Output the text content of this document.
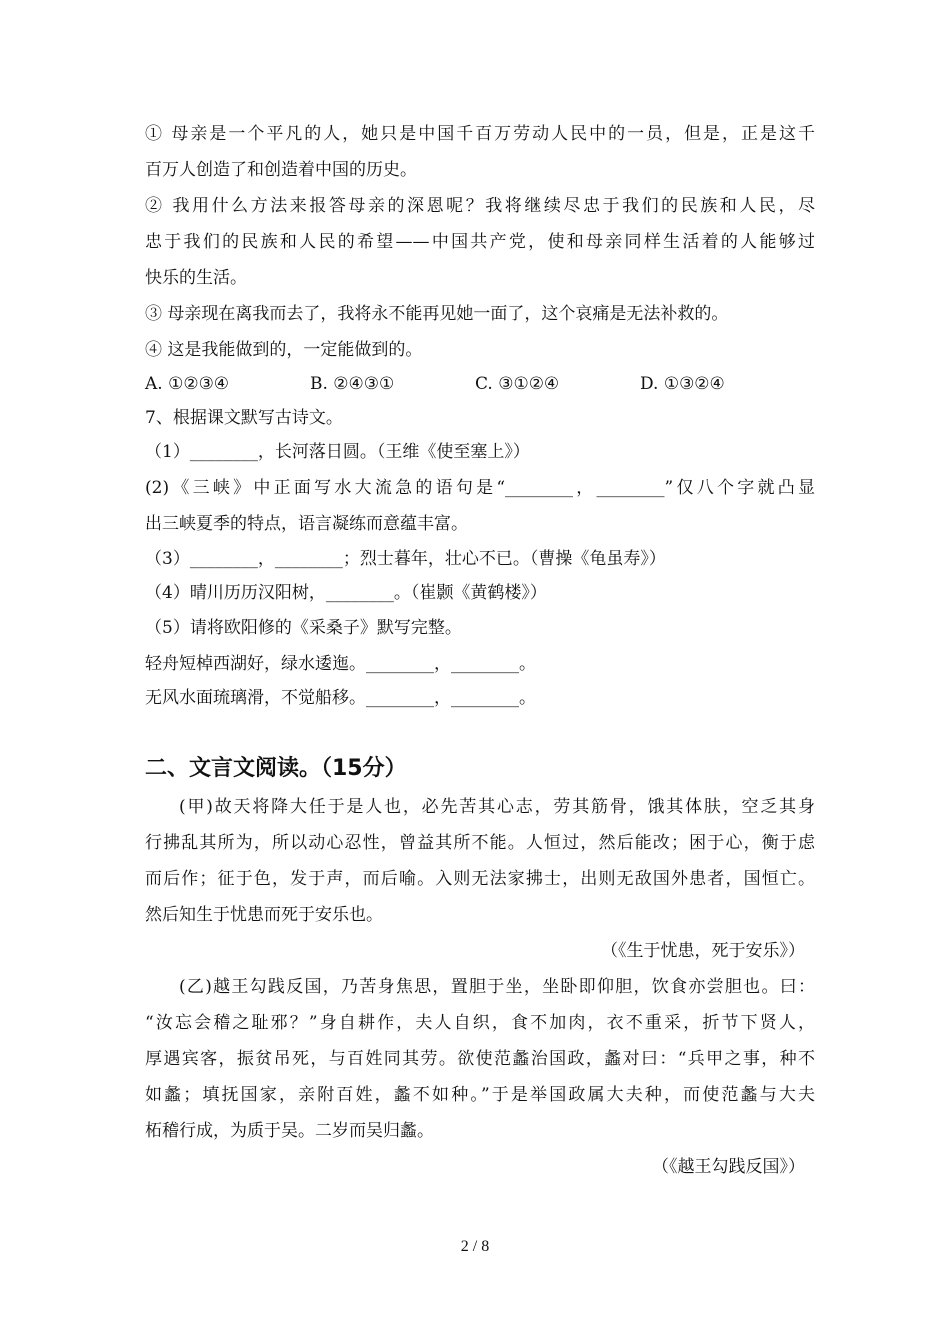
① 母亲是一个平凡的人，她只是中国千百万劳动人民中的一员，但是，正是这千
百万人创造了和创造着中国的历史。
② 我用什么方法来报答母亲的深恩呢？我将继续尽忠于我们的民族和人民，尽
忠于我们的民族和人民的希望——中国共产党，使和母亲同样生活着的人能够过
快乐的生活。
③ 母亲现在离我而去了，我将永不能再见她一面了，这个哀痛是无法补救的。
④ 这是我能做到的，一定能做到的。
A. ①②③④	B. ②④③①	C. ③①②④	D. ①③②④
7、根据课文默写古诗文。
（1）________，长河落日圆。（王维《使至塞上》）
(2)《三峡》中正面写水大流急的语句是“________，________”仅八个字就凸显
出三峡夏季的特点，语言凝练而意蕴丰富。
（3）________，________；烈士暮年，壮心不已。（曹操《龟虽寿》）
（4）晴川历历汉阳树，________。（崔颢《黄鹤楼》）
（5）请将欧阳修的《采桑子》默写完整。
轻舟短棹西湖好，绿水逶迤。________，________。
无风水面琉璃滑，不觉船移。________，________。
二、文言文阅读。（15分）
(甲)故天将降大任于是人也，必先苦其心志，劳其筋骨，饿其体肤，空乏其身
行拂乱其所为，所以动心忍性，曾益其所不能。人恒过，然后能改；困于心，衡于虑
而后作；征于色，发于声，而后喻。入则无法家拂士，出则无敌国外患者，国恒亡。
然后知生于忧患而死于安乐也。
（《生于忧患，死于安乐》）
(乙)越王勾践反国，乃苦身焦思，置胆于坐，坐卧即仰胆，饮食亦尝胆也。曰：
“汝忘会稽之耻邪？”身自耕作，夫人自织，食不加肉，衣不重采，折节下贤人，
厚遇宾客，振贫吊死，与百姓同其劳。欲使范蠡治国政，蠡对曰：“兵甲之事，种不
如蠡；填抚国家，亲附百姓，蠡不如种。”于是举国政属大夫种，而使范蠡与大夫
柘稽行成，为质于吴。二岁而吴归蠡。
（《越王勾践反国》）
2 / 8
